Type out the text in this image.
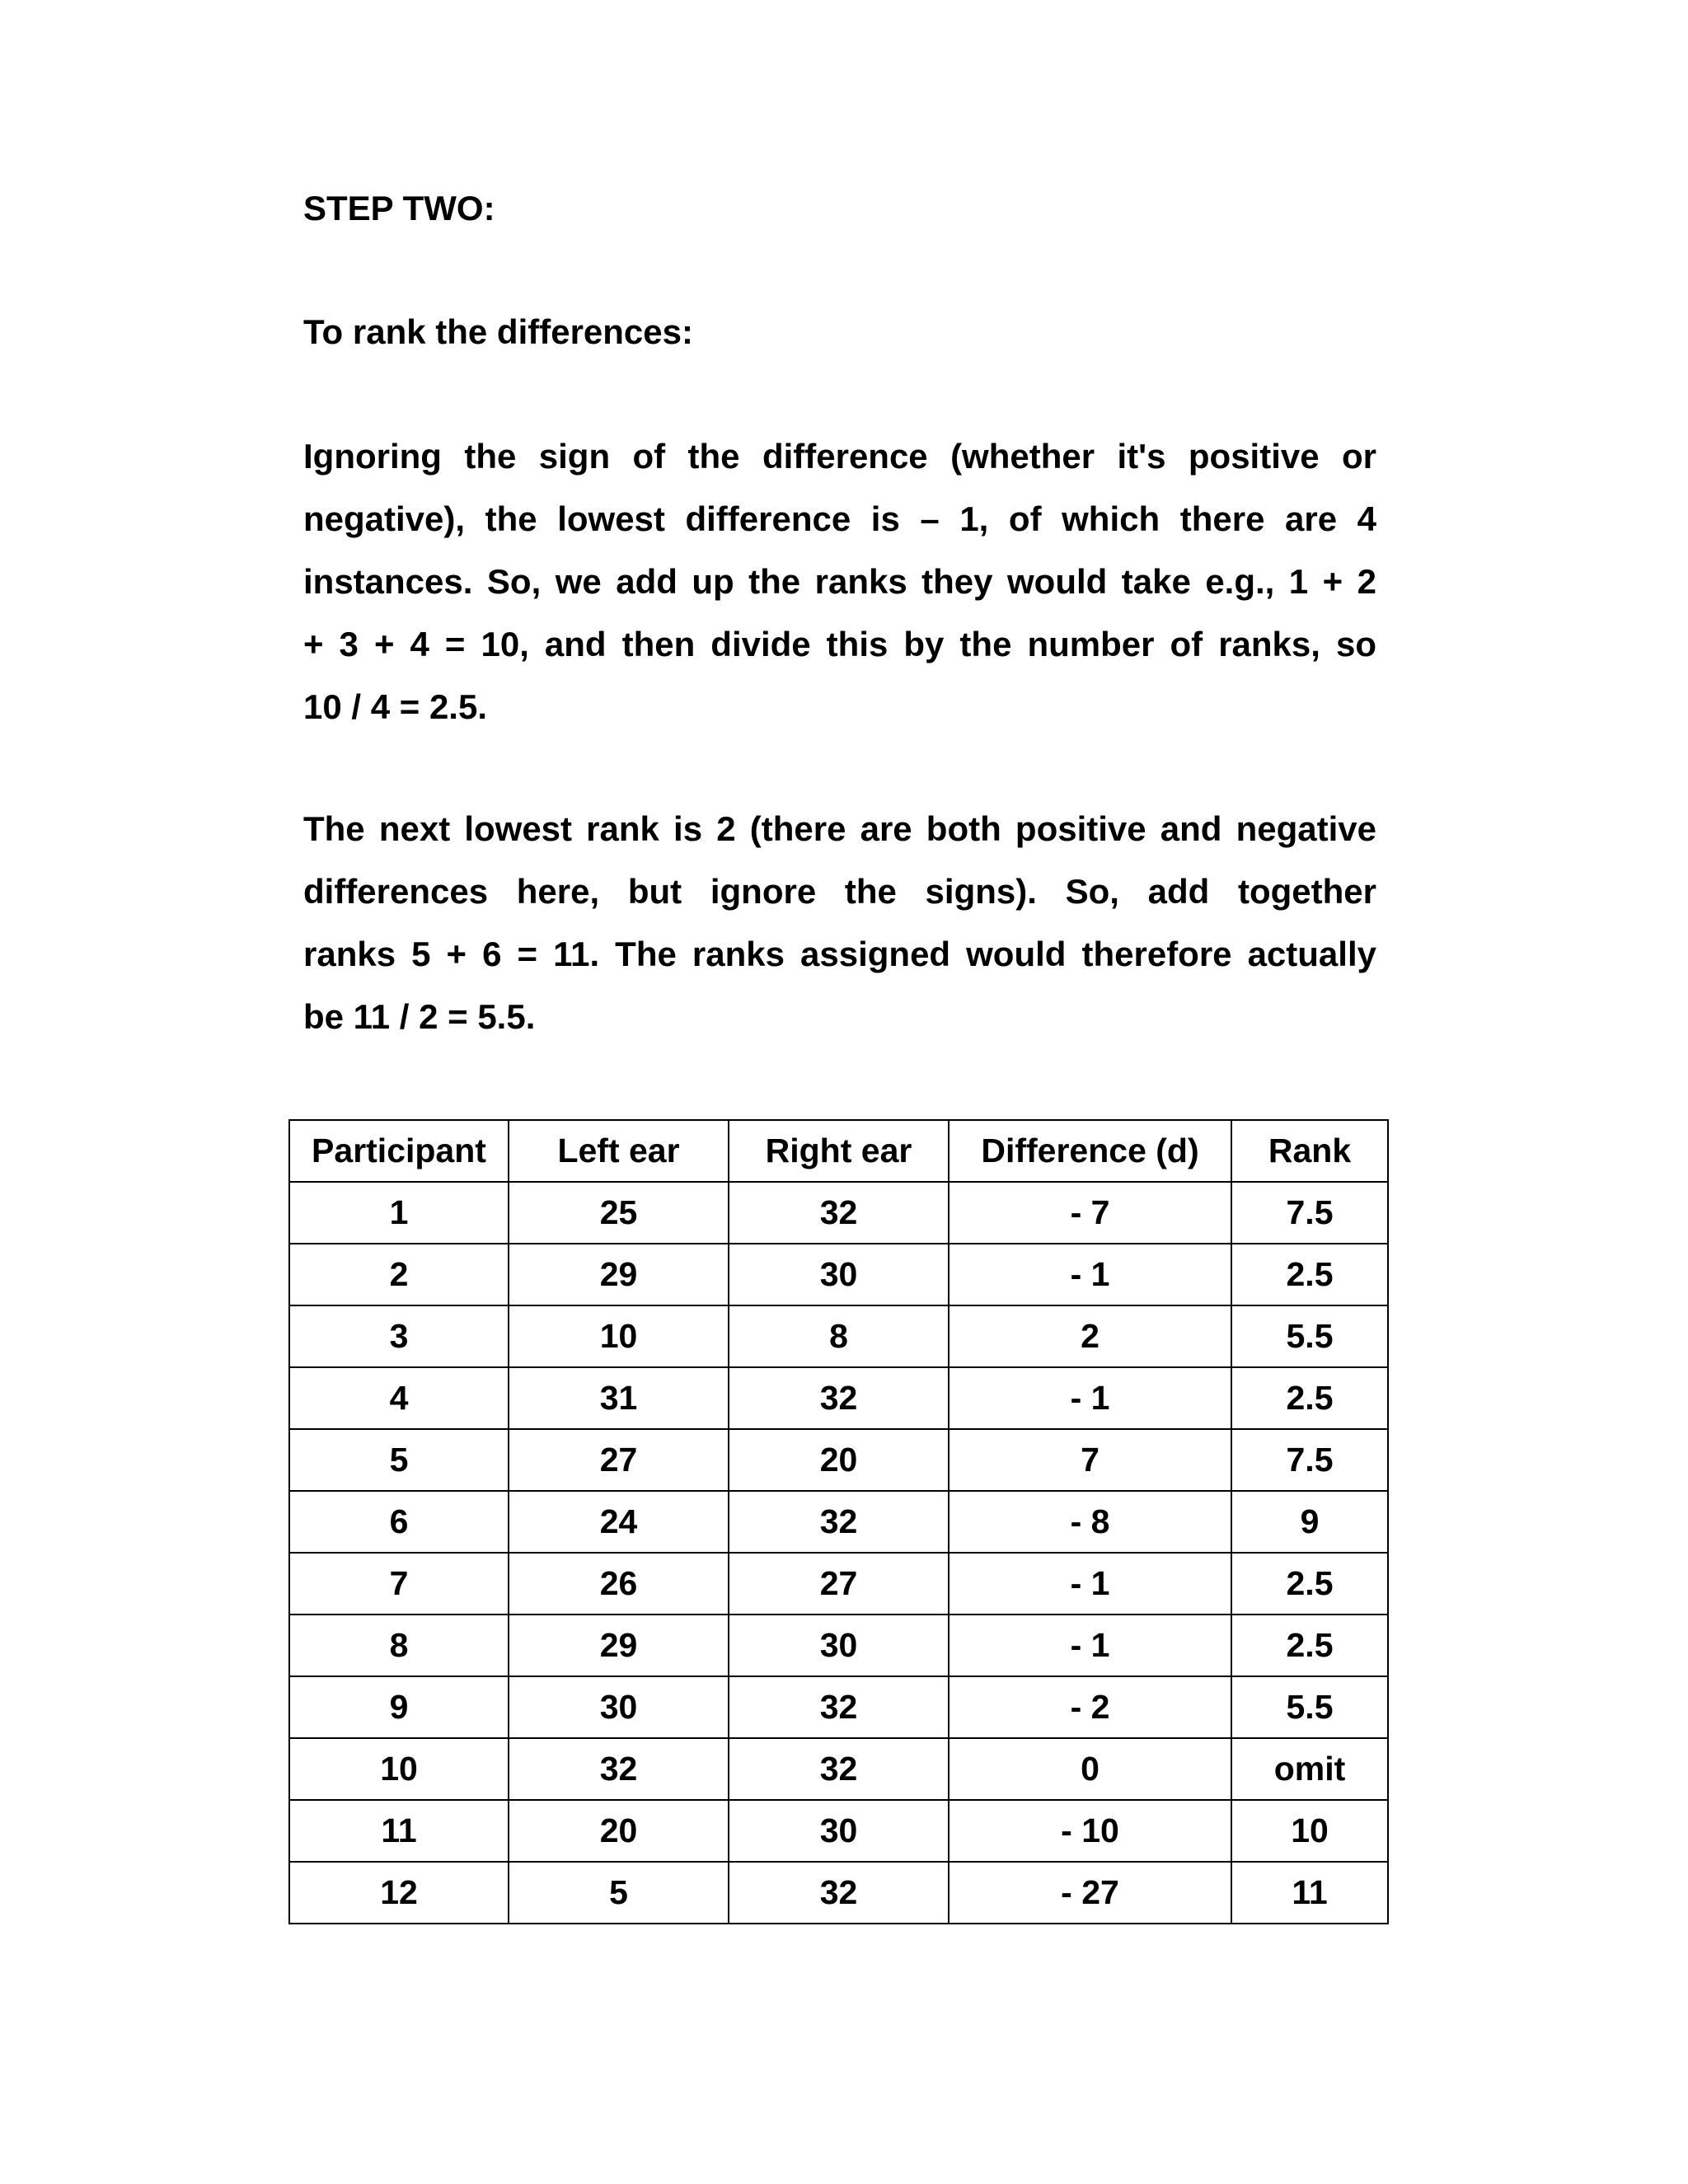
STEP TWO:
To rank the differences:
Ignoring the sign of the difference (whether it's positive or
negative), the lowest difference is – 1, of which there are 4
instances. So, we add up the ranks they would take e.g., 1 + 2
+ 3 + 4 = 10, and then divide this by the number of ranks, so
10 / 4 = 2.5.
The next lowest rank is 2 (there are both positive and negative
differences here, but ignore the signs). So, add together
ranks 5 + 6 = 11. The ranks assigned would therefore actually
be 11 / 2 = 5.5.
Participant	Left ear	Right ear	Difference (d)	Rank
1	25	32	- 7	7.5
2	29	30	- 1	2.5
3	10	8	2	5.5
4	31	32	- 1	2.5
5	27	20	7	7.5
6	24	32	- 8	9
7	26	27	- 1	2.5
8	29	30	- 1	2.5
9	30	32	- 2	5.5
10	32	32	0	omit
11	20	30	- 10	10
12	5	32	- 27	11
